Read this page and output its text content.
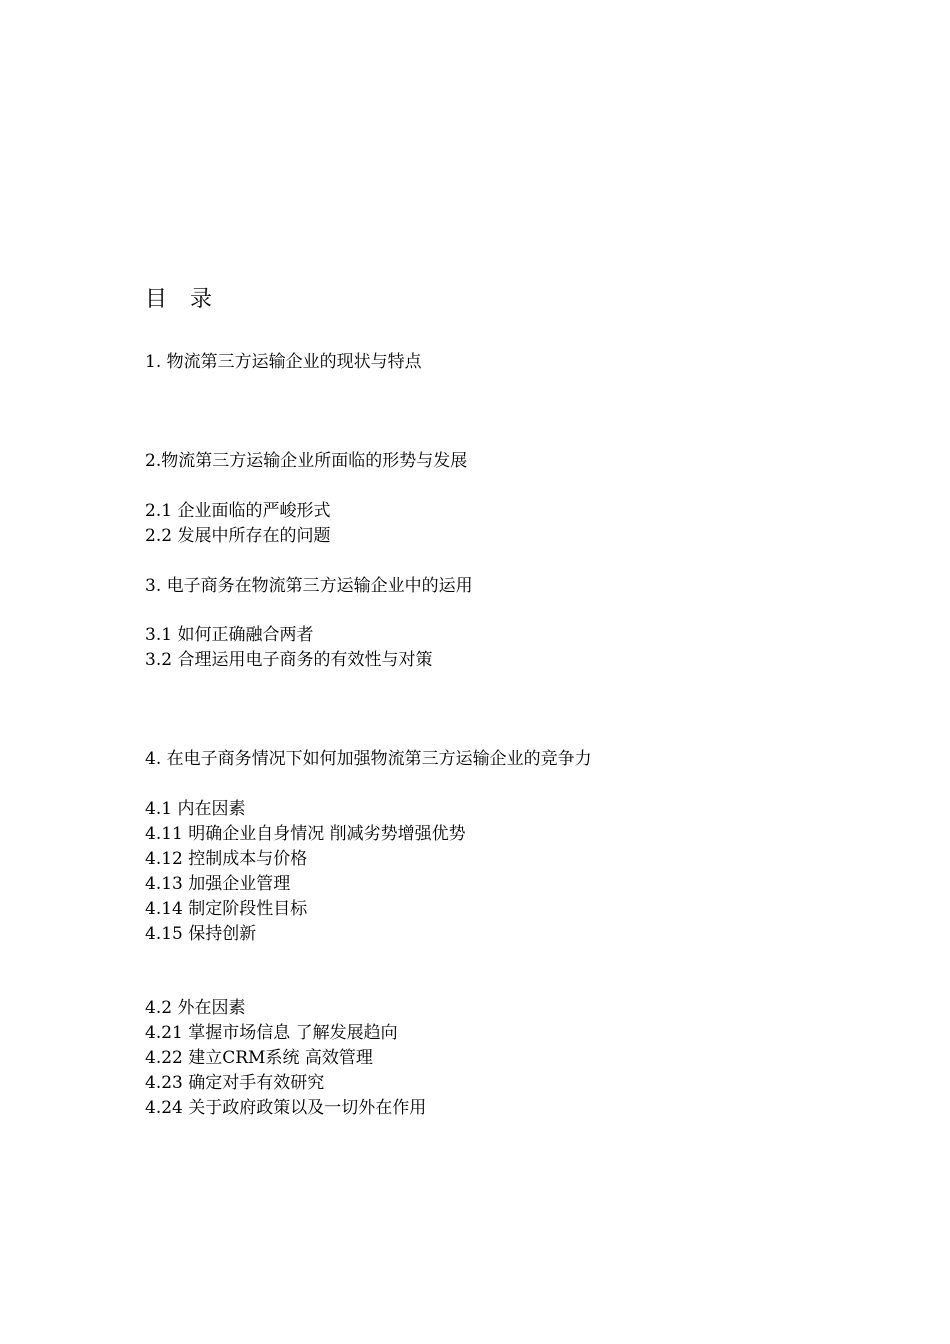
目 录
1. 物流第三方运输企业的现状与特点
2.物流第三方运输企业所面临的形势与发展
2.1 企业面临的严峻形式
2.2 发展中所存在的问题
3. 电子商务在物流第三方运输企业中的运用
3.1 如何正确融合两者
3.2 合理运用电子商务的有效性与对策
4. 在电子商务情况下如何加强物流第三方运输企业的竞争力
4.1 内在因素
4.11 明确企业自身情况 削减劣势增强优势
4.12 控制成本与价格
4.13 加强企业管理
4.14 制定阶段性目标
4.15 保持创新
4.2 外在因素
4.21 掌握市场信息 了解发展趋向
4.22 建立CRM系统 高效管理
4.23 确定对手有效研究
4.24 关于政府政策以及一切外在作用
